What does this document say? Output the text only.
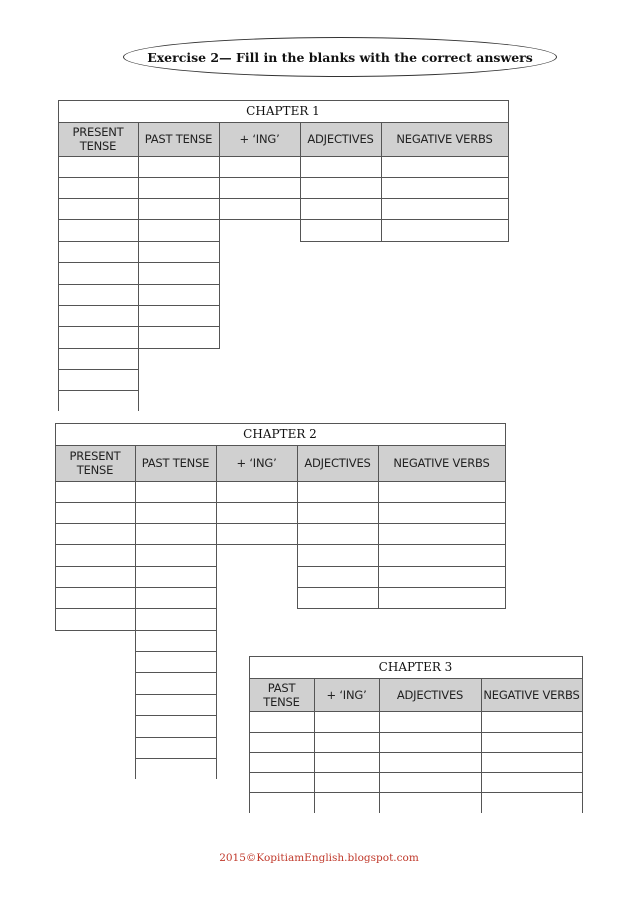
Exercise 2— Fill in the blanks with the correct answers
CHAPTER 1
PRESENT TENSE	PAST TENSE	+ ‘ING’	ADJECTIVES	NEGATIVE VERBS
CHAPTER 2
PRESENT TENSE	PAST TENSE	+ ‘ING’	ADJECTIVES	NEGATIVE VERBS
CHAPTER 3
PAST TENSE	+ ‘ING’	ADJECTIVES	NEGATIVE VERBS
2015©KopitiamEnglish.blogspot.com
